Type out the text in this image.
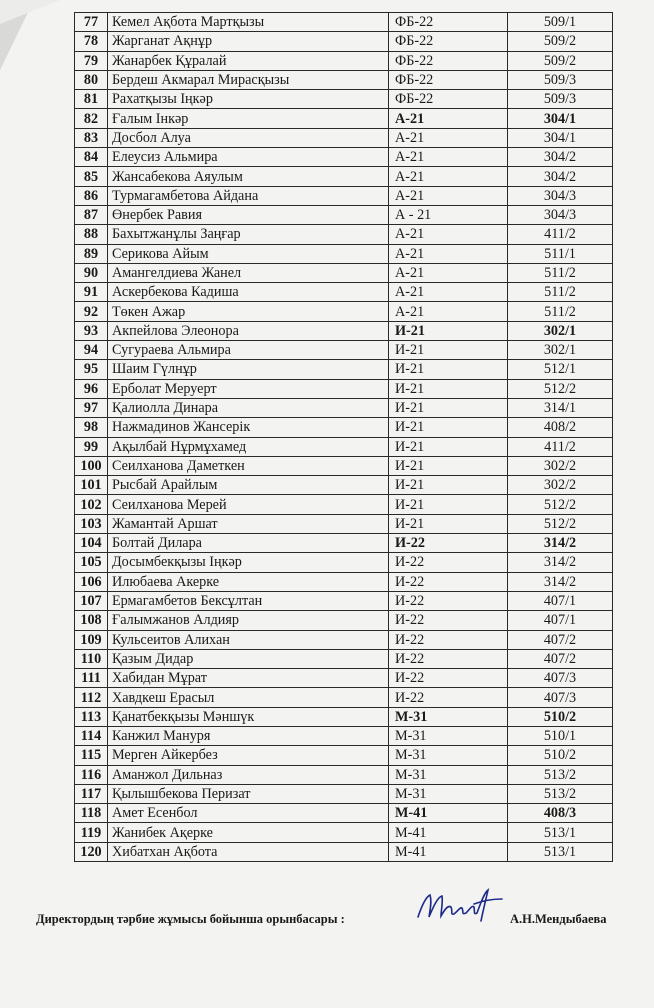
77	Кемел Ақбота Мартқызы	ФБ-22	509/1
78	Жарганат Ақнұр	ФБ-22	509/2
79	Жанарбек Құралай	ФБ-22	509/2
80	Бердеш Акмарал Мирасқызы	ФБ-22	509/3
81	Рахатқызы Іңкәр	ФБ-22	509/3
82	Ғалым Інкәр	А-21	304/1
83	Досбол Алуа	А-21	304/1
84	Елеусиз Альмира	А-21	304/2
85	Жансабекова Аяулым	А-21	304/2
86	Турмагамбетова Айдана	А-21	304/3
87	Өнербек Равия	А - 21	304/3
88	Бахытжанұлы Заңғар	А-21	411/2
89	Серикова Айым	А-21	511/1
90	Амангелдиева Жанел	А-21	511/2
91	Аскербекова Кадиша	А-21	511/2
92	Төкен Ажар	А-21	511/2
93	Акпейлова Элеонора	И-21	302/1
94	Сугураева Альмира	И-21	302/1
95	Шаим Гүлнұр	И-21	512/1
96	Ерболат Меруерт	И-21	512/2
97	Қалиолла Динара	И-21	314/1
98	Нажмадинов Жансерік	И-21	408/2
99	Ақылбай Нұрмұхамед	И-21	411/2
100	Сеилханова Даметкен	И-21	302/2
101	Рысбай Арайлым	И-21	302/2
102	Сеилханова Мерей	И-21	512/2
103	Жамантай Аршат	И-21	512/2
104	Болтай Дилара	И-22	314/2
105	Досымбекқызы Іңкәр	И-22	314/2
106	Илюбаева Акерке	И-22	314/2
107	Ермагамбетов Бексұлтан	И-22	407/1
108	Ғалымжанов Алдияр	И-22	407/1
109	Кульсеитов Алихан	И-22	407/2
110	Қазым Дидар	И-22	407/2
111	Хабидан Мұрат	И-22	407/3
112	Хавдкеш Ерасыл	И-22	407/3
113	Қанатбекқызы Мәншүк	М-31	510/2
114	Канжил Мануря	М-31	510/1
115	Мерген Айкербез	М-31	510/2
116	Аманжол Дильназ	М-31	513/2
117	Қылышбекова Перизат	М-31	513/2
118	Амет Есенбол	М-41	408/3
119	Жанибек Ақерке	М-41	513/1
120	Хибатхан Ақбота	М-41	513/1
Директордың тәрбие жұмысы бойынша орынбасары :	А.Н.Мендыбаева
